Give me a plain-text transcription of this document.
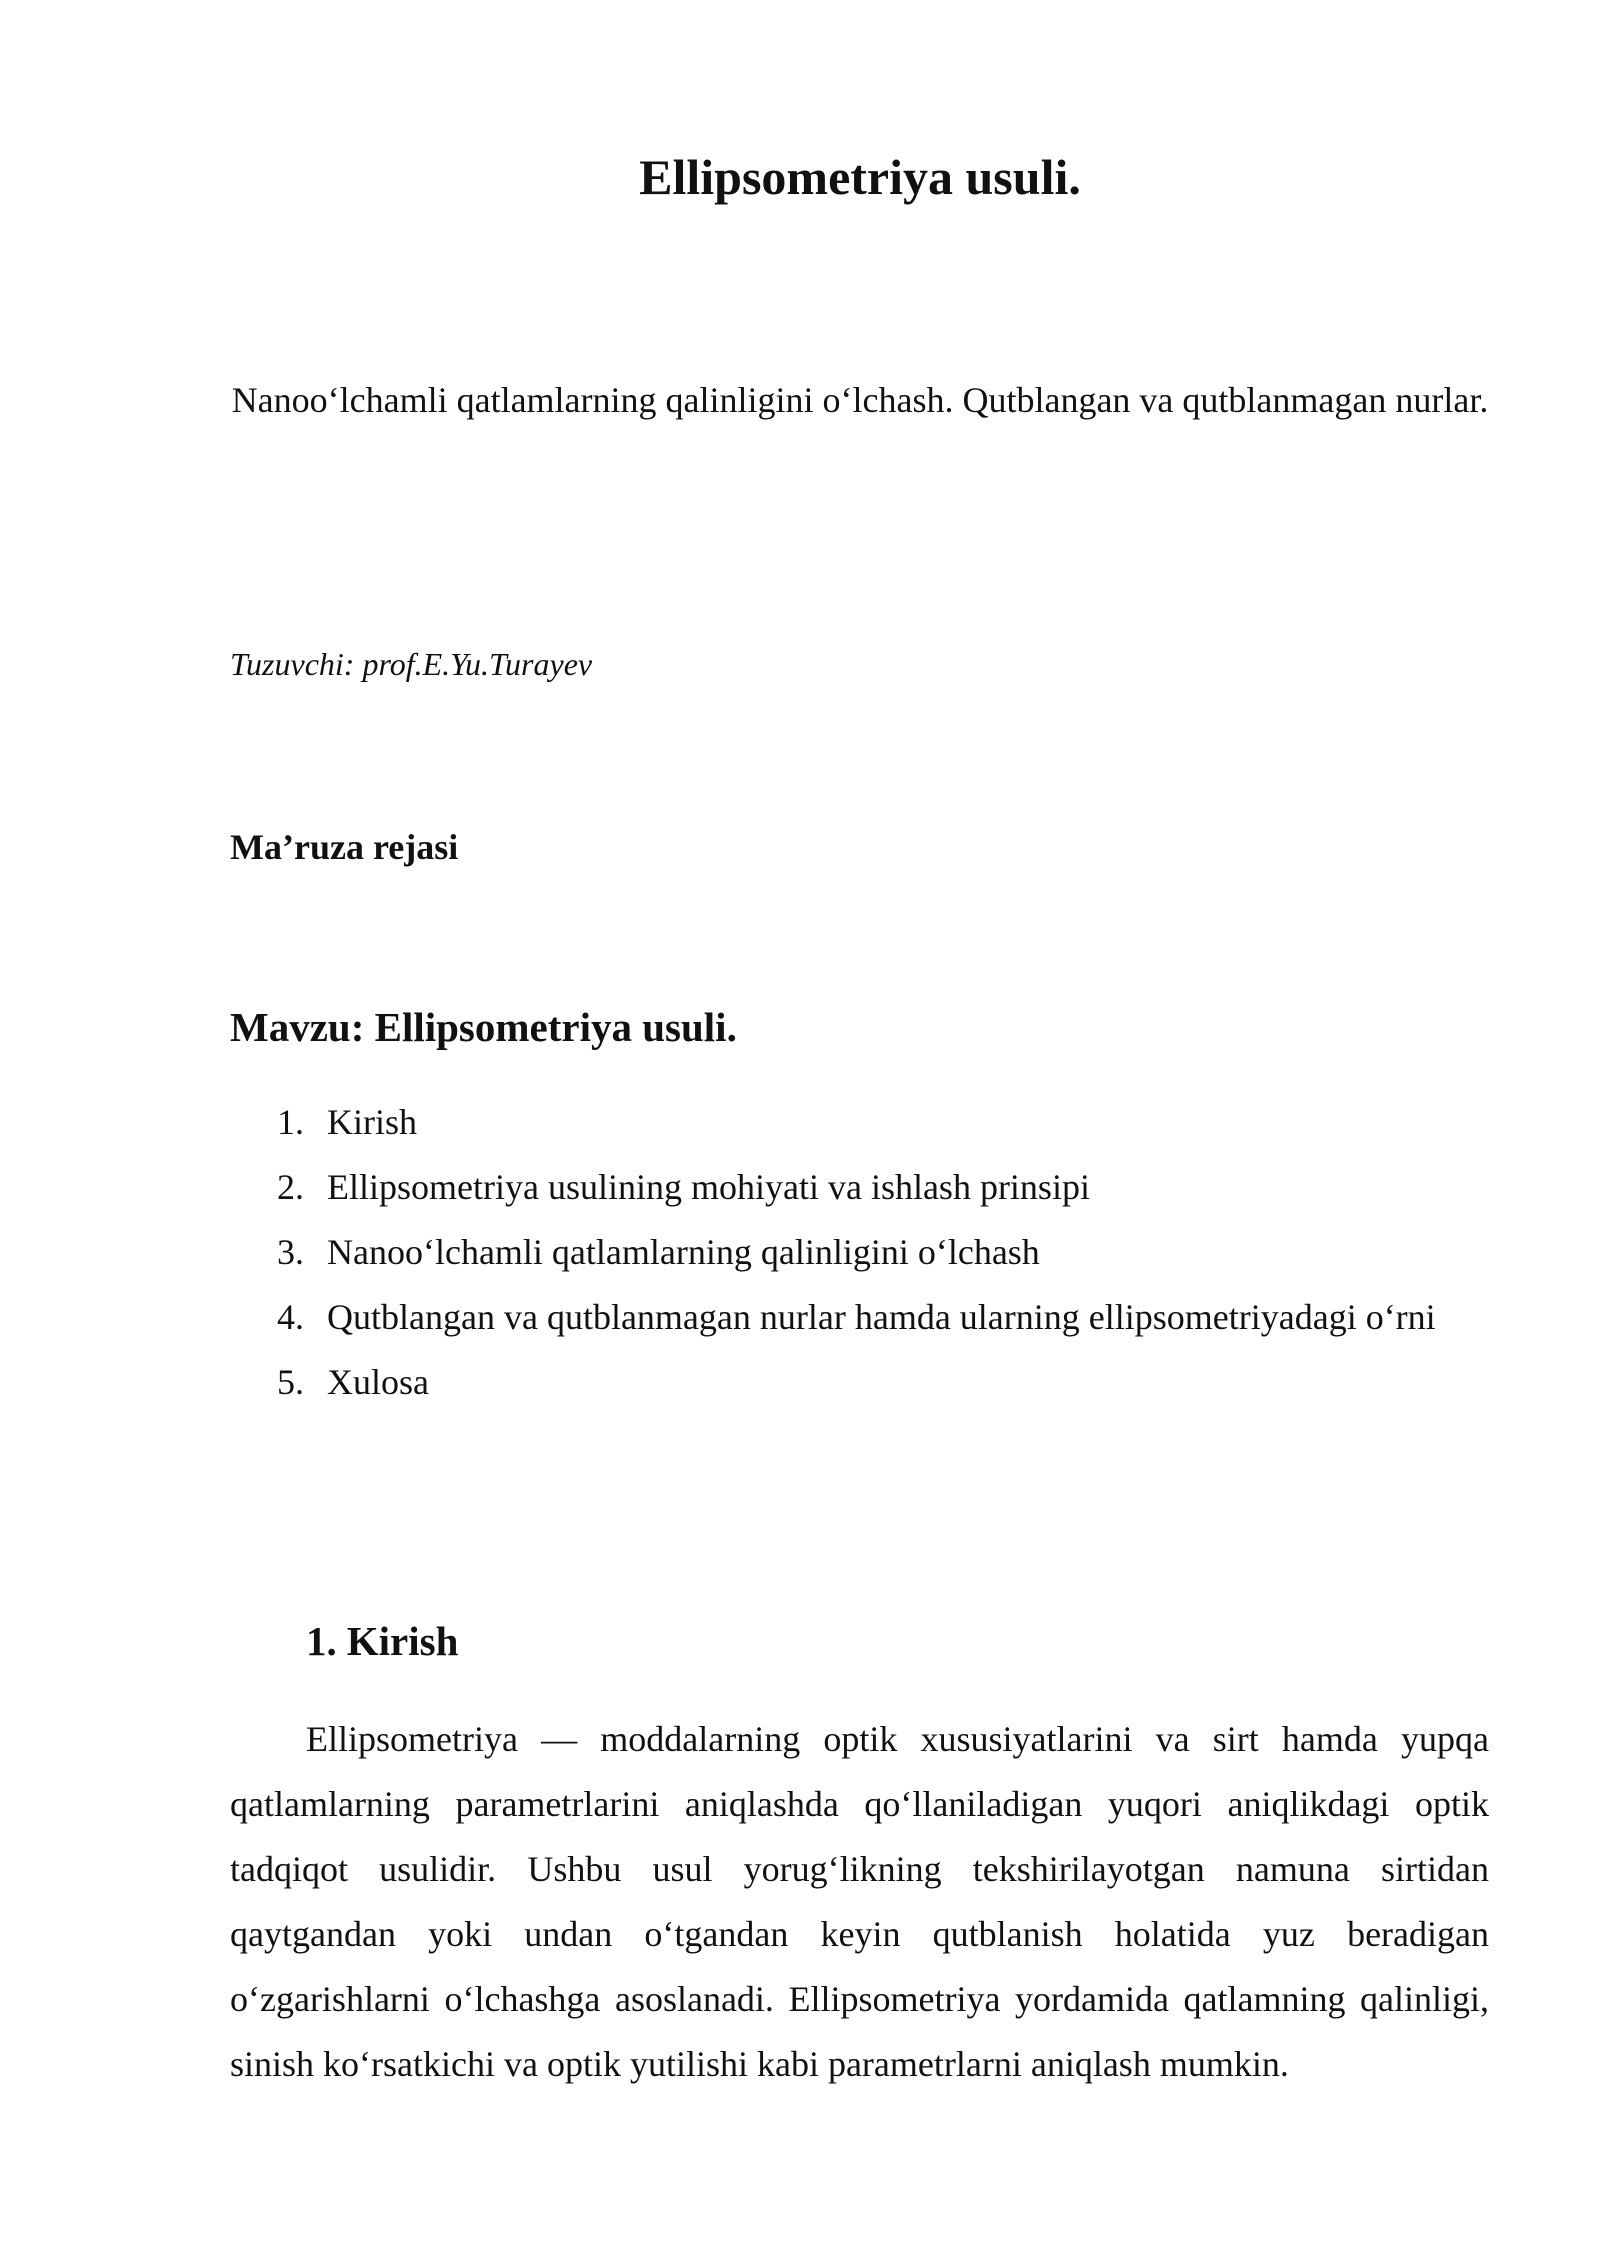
Ellipsometriya usuli.

Nanoo‘lchamli qatlamlarning qalinligini o‘lchash. Qutblangan va qutblanmagan nurlar.

Tuzuvchi: prof.E.Yu.Turayev

Ma’ruza rejasi

Mavzu: Ellipsometriya usuli.
1. Kirish
2. Ellipsometriya usulining mohiyati va ishlash prinsipi
3. Nanoo‘lchamli qatlamlarning qalinligini o‘lchash
4. Qutblangan va qutblanmagan nurlar hamda ularning ellipsometriyadagi o‘rni
5. Xulosa
1. Kirish

Ellipsometriya — moddalarning optik xususiyatlarini va sirt hamda yupqa qatlamlarning parametrlarini aniqlashda qo‘llaniladigan yuqori aniqlikdagi optik tadqiqot usulidir. Ushbu usul yorug‘likning tekshirilayotgan namuna sirtidan qaytgandan yoki undan o‘tgandan keyin qutblanish holatida yuz beradigan o‘zgarishlarni o‘lchashga asoslanadi. Ellipsometriya yordamida qatlamning qalinligi, sinish ko‘rsatkichi va optik yutilishi kabi parametrlarni aniqlash mumkin.
